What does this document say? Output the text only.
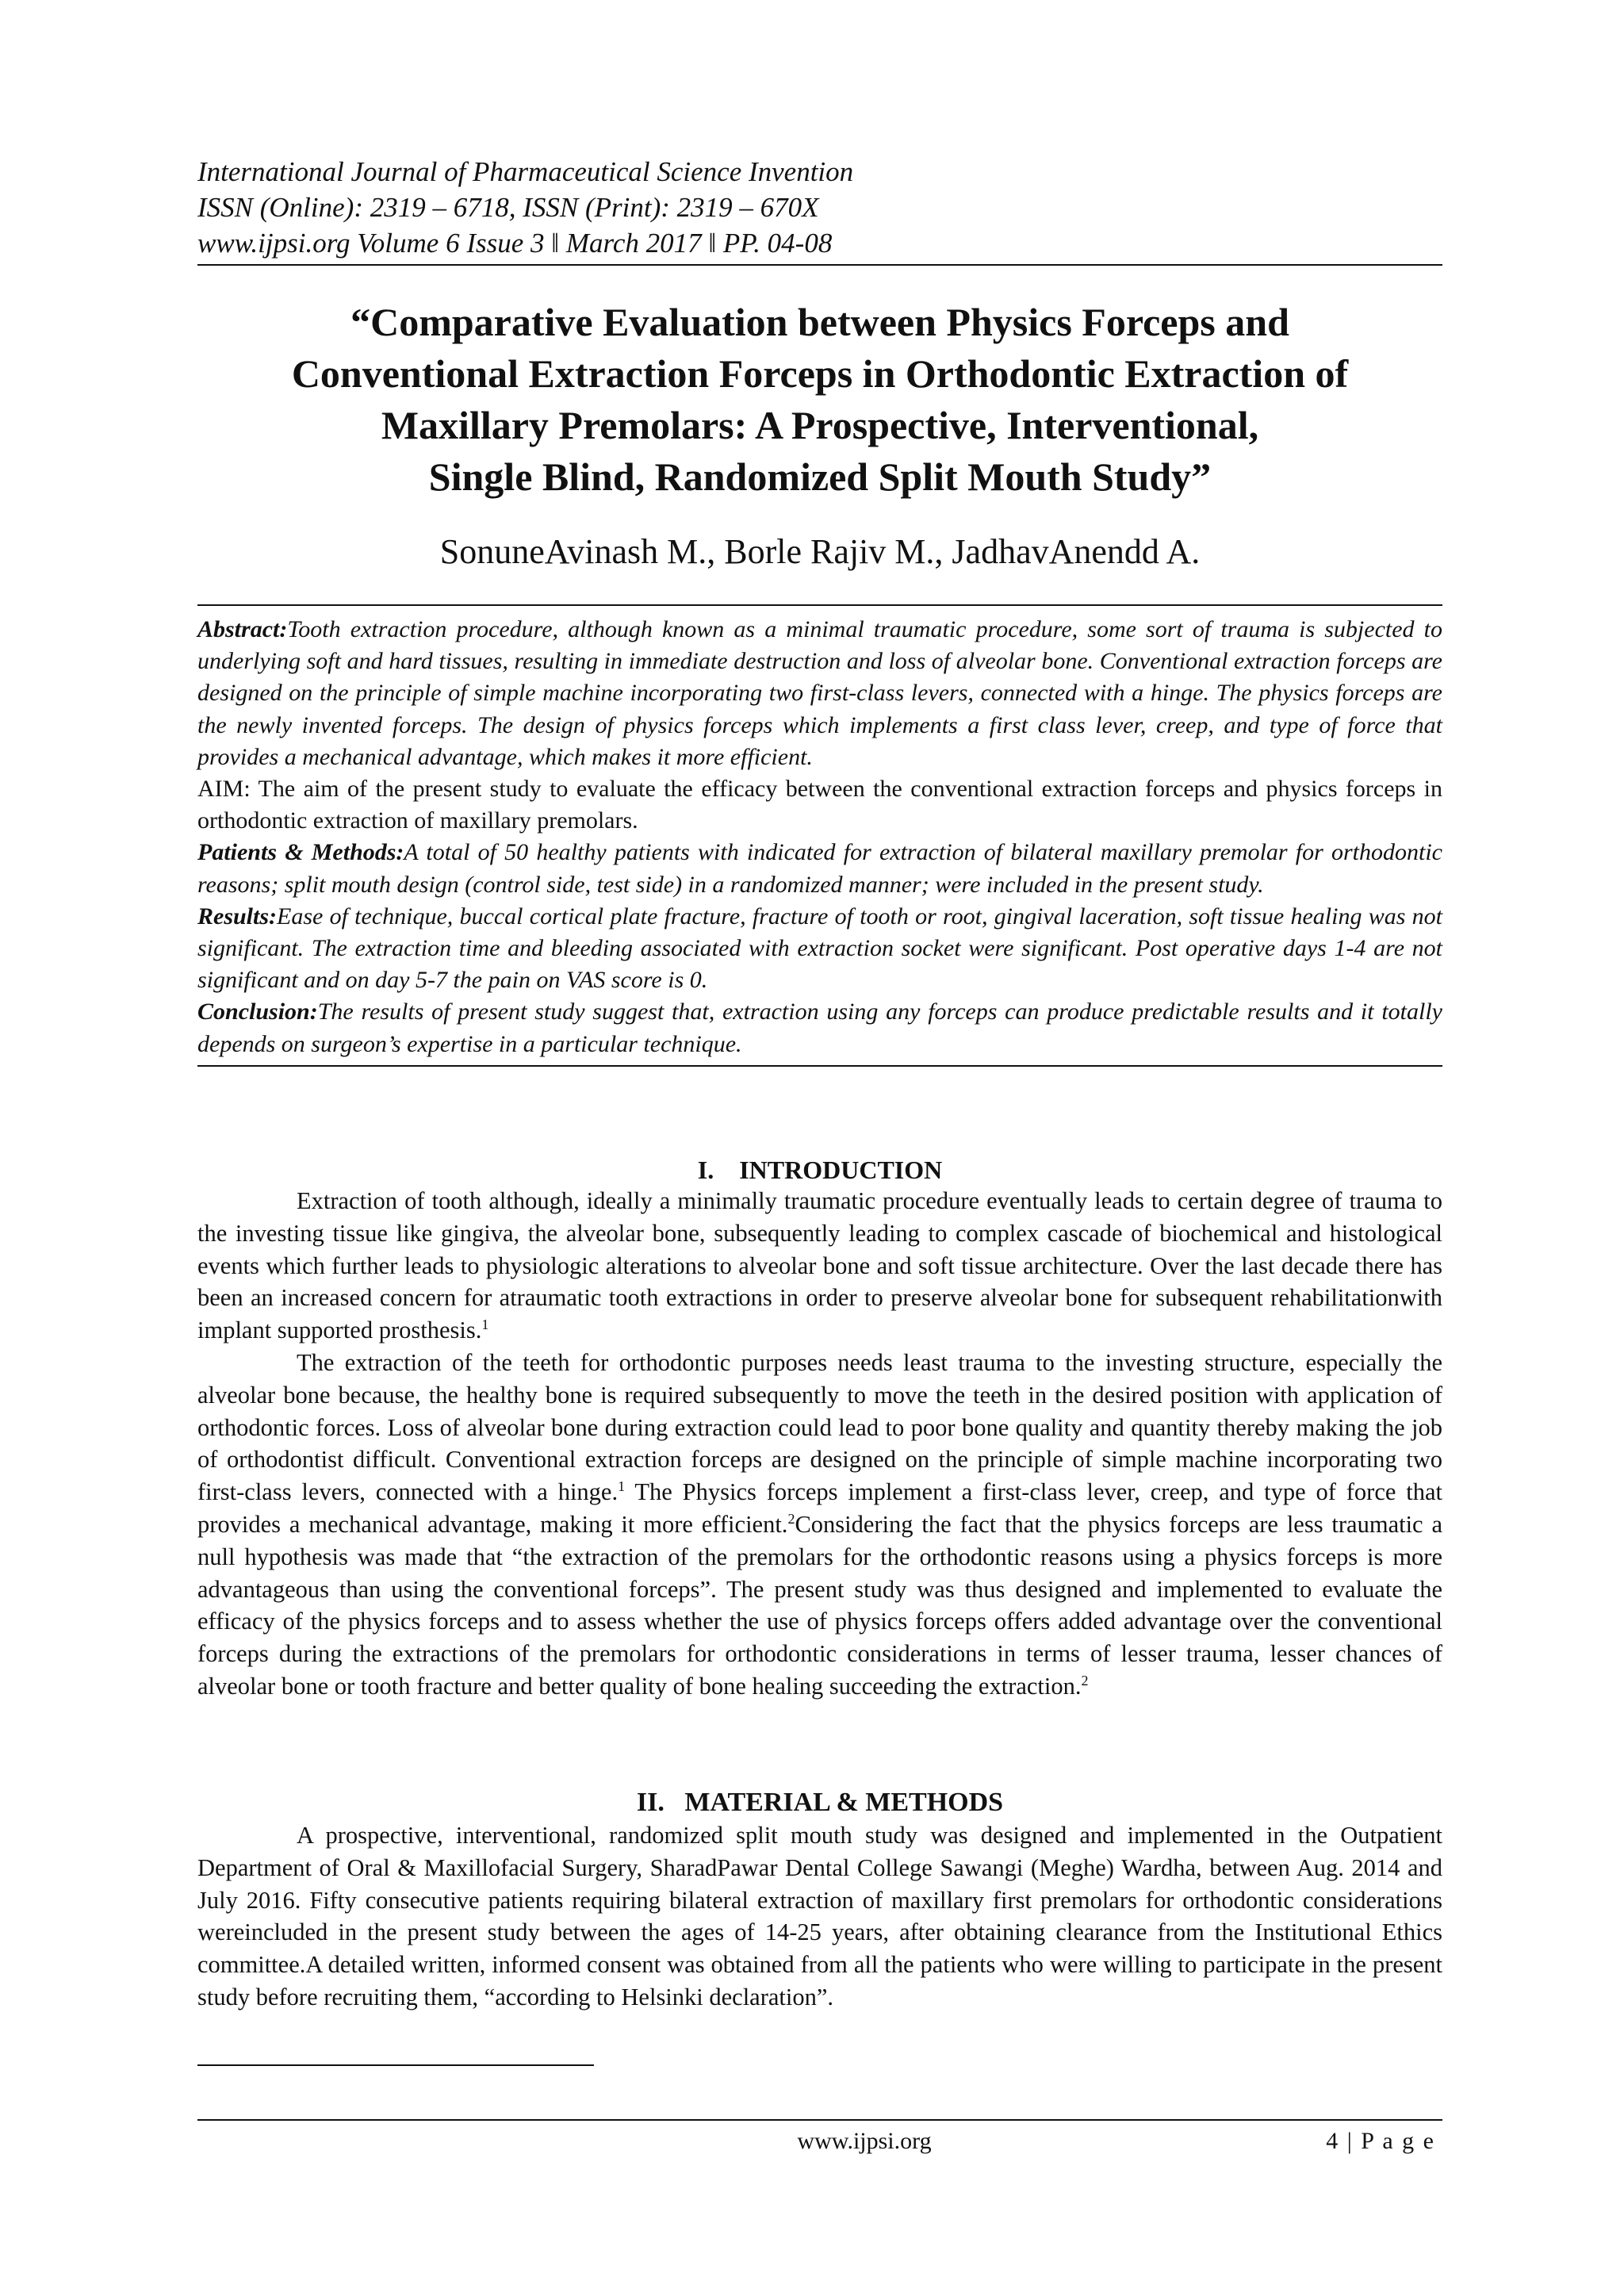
International Journal of Pharmaceutical Science Invention
ISSN (Online): 2319 – 6718, ISSN (Print): 2319 – 670X
www.ijpsi.org Volume 6 Issue 3 ǁ March 2017 ǁ PP. 04-08
“Comparative Evaluation between Physics Forceps and
Conventional Extraction Forceps in Orthodontic Extraction of
Maxillary Premolars: A Prospective, Interventional,
Single Blind, Randomized Split Mouth Study”
SonuneAvinash M., Borle Rajiv M., JadhavAnendd A.

Abstract:Tooth extraction procedure, although known as a minimal traumatic procedure, some sort of trauma is subjected to underlying soft and hard tissues, resulting in immediate destruction and loss of alveolar bone. Conventional extraction forceps are designed on the principle of simple machine incorporating two first-class levers, connected with a hinge. The physics forceps are the newly invented forceps. The design of physics forceps which implements a first class lever, creep, and type of force that provides a mechanical advantage, which makes it more efficient.

AIM: The aim of the present study to evaluate the efficacy between the conventional extraction forceps and physics forceps in orthodontic extraction of maxillary premolars.

Patients & Methods:A total of 50 healthy patients with indicated for extraction of bilateral maxillary premolar for orthodontic reasons; split mouth design (control side, test side) in a randomized manner; were included in the present study.

Results:Ease of technique, buccal cortical plate fracture, fracture of tooth or root, gingival laceration, soft tissue healing was not significant. The extraction time and bleeding associated with extraction socket were significant. Post operative days 1-4 are not significant and on day 5-7 the pain on VAS score is 0.

Conclusion:The results of present study suggest that, extraction using any forceps can produce predictable results and it totally depends on surgeon’s expertise in a particular technique.

I.    INTRODUCTION

Extraction of tooth although, ideally a minimally traumatic procedure eventually leads to certain degree of trauma to the investing tissue like gingiva, the alveolar bone, subsequently leading to complex cascade of biochemical and histological events which further leads to physiologic alterations to alveolar bone and soft tissue architecture. Over the last decade there has been an increased concern for atraumatic tooth extractions in order to preserve alveolar bone for subsequent rehabilitationwith implant supported prosthesis.$^1$

The extraction of the teeth for orthodontic purposes needs least trauma to the investing structure, especially the alveolar bone because, the healthy bone is required subsequently to move the teeth in the desired position with application of orthodontic forces. Loss of alveolar bone during extraction could lead to poor bone quality and quantity thereby making the job of orthodontist difficult. Conventional extraction forceps are designed on the principle of simple machine incorporating two first-class levers, connected with a hinge.$^1$ The Physics forceps implement a first-class lever, creep, and type of force that provides a mechanical advantage, making it more efficient.$^2$Considering the fact that the physics forceps are less traumatic a null hypothesis was made that “the extraction of the premolars for the orthodontic reasons using a physics forceps is more advantageous than using the conventional forceps”. The present study was thus designed and implemented to evaluate the efficacy of the physics forceps and to assess whether the use of physics forceps offers added advantage over the conventional forceps during the extractions of the premolars for orthodontic considerations in terms of lesser trauma, lesser chances of alveolar bone or tooth fracture and better quality of bone healing succeeding the extraction.$^2$

II.   MATERIAL & METHODS

A prospective, interventional, randomized split mouth study was designed and implemented in the Outpatient Department of Oral & Maxillofacial Surgery, SharadPawar Dental College Sawangi (Meghe) Wardha, between Aug. 2014 and July 2016. Fifty consecutive patients requiring bilateral extraction of maxillary first premolars for orthodontic considerations wereincluded in the present study between the ages of 14-25 years, after obtaining clearance from the Institutional Ethics committee.A detailed written, informed consent was obtained from all the patients who were willing to participate in the present study before recruiting them, “according to Helsinki declaration”.

www.ijpsi.org	4 | P a g e
